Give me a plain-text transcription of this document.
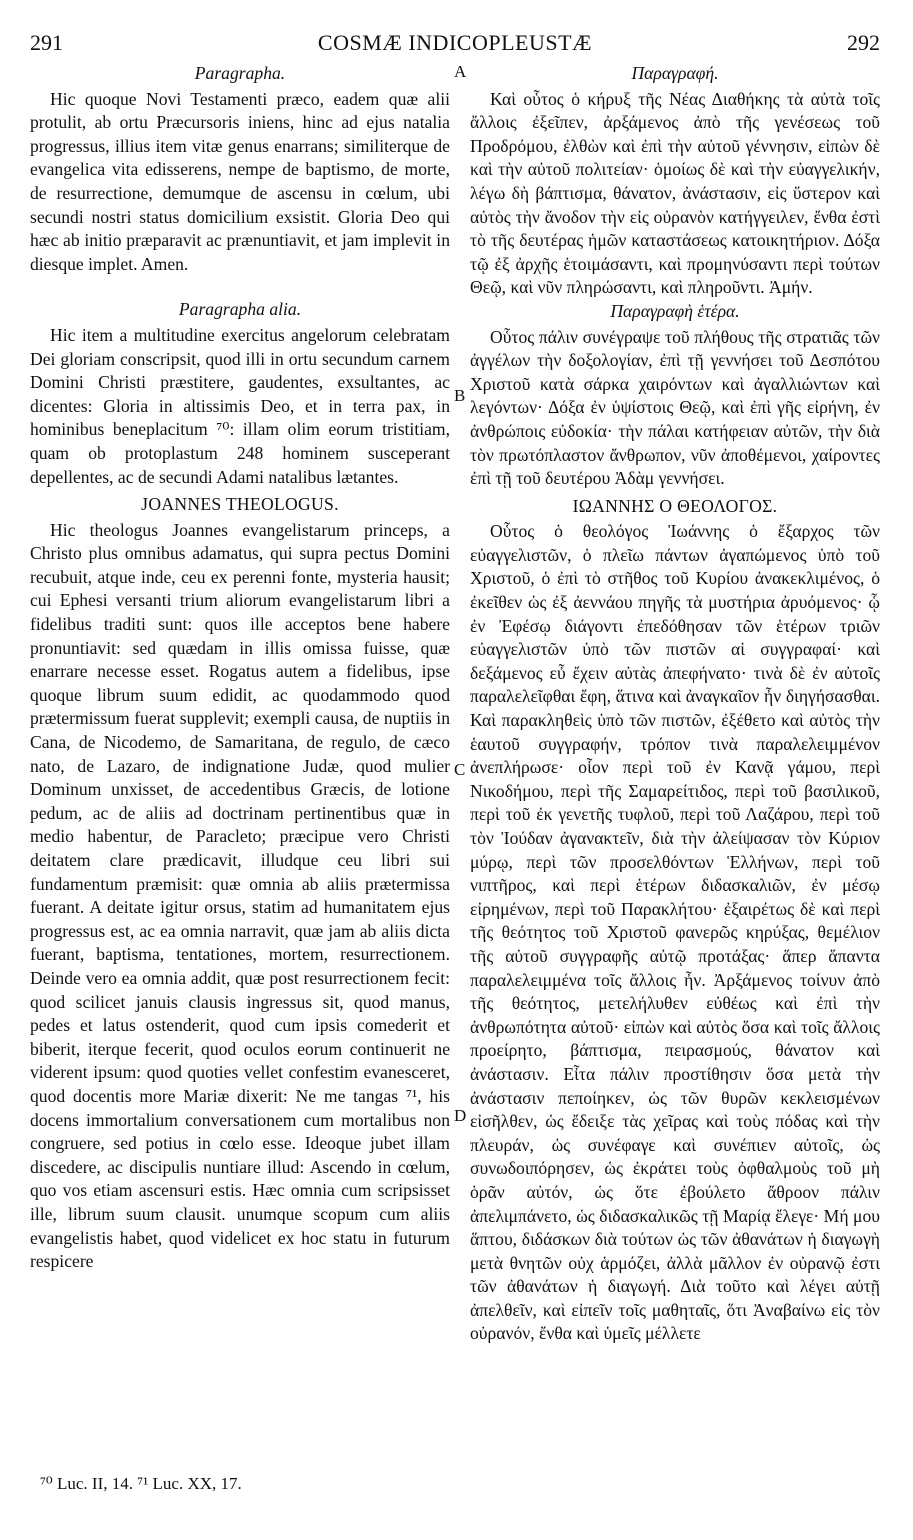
291	COSMÆ INDICOPLEUSTÆ	292
A
B
C
D
Paragrapha.

Hic quoque Novi Testamenti præco, eadem quæ alii protulit, ab ortu Præcursoris iniens, hinc ad ejus natalia progressus, illius item vitæ genus enarrans; similiterque de evangelica vita edisserens, nempe de baptismo, de morte, de resurrectione, demumque de ascensu in cœlum, ubi secundi nostri status domicilium exsistit. Gloria Deo qui hæc ab initio præparavit ac prænuntiavit, et jam implevit in diesque implet. Amen.

Paragrapha alia.

Hic item a multitudine exercitus angelorum celebratam Dei gloriam conscripsit, quod illi in ortu secundum carnem Domini Christi præstitere, gaudentes, exsultantes, ac dicentes: Gloria in altissimis Deo, et in terra pax, in hominibus beneplacitum ⁷⁰: illam olim eorum tristitiam, quam ob protoplastum 248 hominem susceperant depellentes, ac de secundi Adami natalibus lætantes.

JOANNES THEOLOGUS.

Hic theologus Joannes evangelistarum princeps, a Christo plus omnibus adamatus, qui supra pectus Domini recubuit, atque inde, ceu ex perenni fonte, mysteria hausit; cui Ephesi versanti trium aliorum evangelistarum libri a fidelibus traditi sunt: quos ille acceptos bene habere pronuntiavit: sed quædam in illis omissa fuisse, quæ enarrare necesse esset. Rogatus autem a fidelibus, ipse quoque librum suum edidit, ac quodammodo quod prætermissum fuerat supplevit; exempli causa, de nuptiis in Cana, de Nicodemo, de Samaritana, de regulo, de cæco nato, de Lazaro, de indignatione Judæ, quod mulier Dominum unxisset, de accedentibus Græcis, de lotione pedum, ac de aliis ad doctrinam pertinentibus quæ in medio habentur, de Paracleto; præcipue vero Christi deitatem clare prædicavit, illudque ceu libri sui fundamentum præmisit: quæ omnia ab aliis prætermissa fuerant. A deitate igitur orsus, statim ad humanitatem ejus progressus est, ac ea omnia narravit, quæ jam ab aliis dicta fuerant, baptisma, tentationes, mortem, resurrectionem. Deinde vero ea omnia addit, quæ post resurrectionem fecit: quod scilicet januis clausis ingressus sit, quod manus, pedes et latus ostenderit, quod cum ipsis comederit et biberit, iterque fecerit, quod oculos eorum continuerit ne viderent ipsum: quod quoties vellet confestim evanesceret, quod docentis more Mariæ dixerit: Ne me tangas ⁷¹, his docens immortalium conversationem cum mortalibus non congruere, sed potius in cœlo esse. Ideoque jubet illam discedere, ac discipulis nuntiare illud: Ascendo in cœlum, quo vos etiam ascensuri estis. Hæc omnia cum scripsisset ille, librum suum clausit. unumque scopum cum aliis evangelistis habet, quod videlicet ex hoc statu in futurum respicere

Παραγραφή.

Καὶ οὗτος ὁ κήρυξ τῆς Νέας Διαθήκης τὰ αὐτὰ τοῖς ἄλλοις ἐξεῖπεν, ἀρξάμενος ἀπὸ τῆς γενέσεως τοῦ Προδρόμου, ἐλθὼν καὶ ἐπὶ τὴν αὐτοῦ γέννησιν, εἰπὼν δὲ καὶ τὴν αὐτοῦ πολιτείαν· ὁμοίως δὲ καὶ τὴν εὐαγγελικήν, λέγω δὴ βάπτισμα, θάνατον, ἀνάστασιν, εἰς ὕστερον καὶ αὐτὸς τὴν ἄνοδον τὴν εἰς οὐρανὸν κατήγγειλεν, ἔνθα ἐστὶ τὸ τῆς δευτέρας ἡμῶν καταστάσεως κατοικητήριον. Δόξα τῷ ἐξ ἀρχῆς ἑτοιμάσαντι, καὶ προμηνύσαντι περὶ τούτων Θεῷ, καὶ νῦν πληρώσαντι, καὶ πληροῦντι. Ἀμήν.

Παραγραφὴ ἑτέρα.

Οὗτος πάλιν συνέγραψε τοῦ πλήθους τῆς στρατιᾶς τῶν ἀγγέλων τὴν δοξολογίαν, ἐπὶ τῇ γεννήσει τοῦ Δεσπότου Χριστοῦ κατὰ σάρκα χαιρόντων καὶ ἀγαλλιώντων καὶ λεγόντων· Δόξα ἐν ὑψίστοις Θεῷ, καὶ ἐπὶ γῆς εἰρήνη, ἐν ἀνθρώποις εὐδοκία· τὴν πάλαι κατήφειαν αὐτῶν, τὴν διὰ τὸν πρωτόπλαστον ἄνθρωπον, νῦν ἀποθέμενοι, χαίροντες ἐπὶ τῇ τοῦ δευτέρου Ἀδὰμ γεννήσει.

ΙΩΑΝΝΗΣ Ο ΘΕΟΛΟΓΟΣ.

Οὗτος ὁ θεολόγος Ἰωάννης ὁ ἔξαρχος τῶν εὐαγγελιστῶν, ὁ πλεῖω πάντων ἀγαπώμενος ὑπὸ τοῦ Χριστοῦ, ὁ ἐπὶ τὸ στῆθος τοῦ Κυρίου ἀνακεκλιμένος, ὁ ἐκεῖθεν ὡς ἐξ ἀεννάου πηγῆς τὰ μυστήρια ἀρυόμενος· ᾧ ἐν Ἐφέσῳ διάγοντι ἐπεδόθησαν τῶν ἑτέρων τριῶν εὐαγγελιστῶν ὑπὸ τῶν πιστῶν αἱ συγγραφαί· καὶ δεξάμενος εὖ ἔχειν αὐτὰς ἀπεφήνατο· τινὰ δὲ ἐν αὐτοῖς παραλελεῖφθαι ἔφη, ἅτινα καὶ ἀναγκαῖον ἦν διηγήσασθαι. Καὶ παρακληθεὶς ὑπὸ τῶν πιστῶν, ἐξέθετο καὶ αὐτὸς τὴν ἑαυτοῦ συγγραφήν, τρόπον τινὰ παραλελειμμένον ἀνεπλήρωσε· οἷον περὶ τοῦ ἐν Κανᾷ γάμου, περὶ Νικοδήμου, περὶ τῆς Σαμαρείτιδος, περὶ τοῦ βασιλικοῦ, περὶ τοῦ ἐκ γενετῆς τυφλοῦ, περὶ τοῦ Λαζάρου, περὶ τοῦ τὸν Ἰούδαν ἀγανακτεῖν, διὰ τὴν ἀλείψασαν τὸν Κύριον μύρῳ, περὶ τῶν προσελθόντων Ἑλλήνων, περὶ τοῦ νιπτῆρος, καὶ περὶ ἑτέρων διδασκαλιῶν, ἐν μέσῳ εἰρημένων, περὶ τοῦ Παρακλήτου· ἐξαιρέτως δὲ καὶ περὶ τῆς θεότητος τοῦ Χριστοῦ φανερῶς κηρύξας, θεμέλιον τῆς αὐτοῦ συγγραφῆς αὐτῷ προτάξας· ἅπερ ἅπαντα παραλελειμμένα τοῖς ἄλλοις ἦν. Ἀρξάμενος τοίνυν ἀπὸ τῆς θεότητος, μετελήλυθεν εὐθέως καὶ ἐπὶ τὴν ἀνθρωπότητα αὐτοῦ· εἰπὼν καὶ αὐτὸς ὅσα καὶ τοῖς ἄλλοις προείρητο, βάπτισμα, πειρασμούς, θάνατον καὶ ἀνάστασιν. Εἶτα πάλιν προστίθησιν ὅσα μετὰ τὴν ἀνάστασιν πεποίηκεν, ὡς τῶν θυρῶν κεκλεισμένων εἰσῆλθεν, ὡς ἔδειξε τὰς χεῖρας καὶ τοὺς πόδας καὶ τὴν πλευράν, ὡς συνέφαγε καὶ συνέπιεν αὐτοῖς, ὡς συνωδοιπόρησεν, ὡς ἐκράτει τοὺς ὀφθαλμοὺς τοῦ μὴ ὁρᾶν αὐτόν, ὡς ὅτε ἐβούλετο ἄθροον πάλιν ἀπελιμπάνετο, ὡς διδασκαλικῶς τῇ Μαρίᾳ ἔλεγε· Μή μου ἅπτου, διδάσκων διὰ τούτων ὡς τῶν ἀθανάτων ἡ διαγωγὴ μετὰ θνητῶν οὐχ ἁρμόζει, ἀλλὰ μᾶλλον ἐν οὐρανῷ ἐστι τῶν ἀθανάτων ἡ διαγωγή. Διὰ τοῦτο καὶ λέγει αὐτῇ ἀπελθεῖν, καὶ εἰπεῖν τοῖς μαθηταῖς, ὅτι Ἀναβαίνω εἰς τὸν οὐρανόν, ἔνθα καὶ ὑμεῖς μέλλετε

⁷⁰ Luc. II, 14. ⁷¹ Luc. XX, 17.
